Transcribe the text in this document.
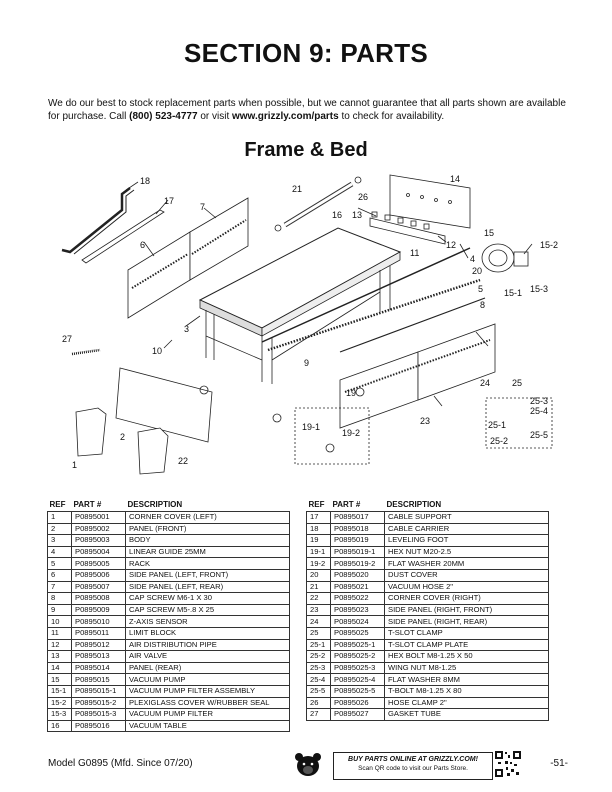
SECTION 9: PARTS
We do our best to stock replacement parts when possible, but we cannot guarantee that all parts shown are available for purchase. Call (800) 523-4777 or visit www.grizzly.com/parts to check for availability.
Frame & Bed
18
17
7
6
27
3
10
1
2
22
21
26
16 13
14
12
11
4
20
15
15-2
15-1 15-3
5
8
24
9
19
19-1
19-2
23
25
25-3
25-4
25-1
25-2
25-5
REF	PART #	DESCRIPTION
1	P0895001	CORNER COVER (LEFT)
2	P0895002	PANEL (FRONT)
3	P0895003	BODY
4	P0895004	LINEAR GUIDE 25MM
5	P0895005	RACK
6	P0895006	SIDE PANEL (LEFT, FRONT)
7	P0895007	SIDE PANEL (LEFT, REAR)
8	P0895008	CAP SCREW M6-1 X 30
9	P0895009	CAP SCREW M5-.8 X 25
10	P0895010	Z-AXIS SENSOR
11	P0895011	LIMIT BLOCK
12	P0895012	AIR DISTRIBUTION PIPE
13	P0895013	AIR VALVE
14	P0895014	PANEL (REAR)
15	P0895015	VACUUM PUMP
15-1	P0895015-1	VACUUM PUMP FILTER ASSEMBLY
15-2	P0895015-2	PLEXIGLASS COVER W/RUBBER SEAL
15-3	P0895015-3	VACUUM PUMP FILTER
16	P0895016	VACUUM TABLE
REF	PART #	DESCRIPTION
17	P0895017	CABLE SUPPORT
18	P0895018	CABLE CARRIER
19	P0895019	LEVELING FOOT
19-1	P0895019-1	HEX NUT M20-2.5
19-2	P0895019-2	FLAT WASHER 20MM
20	P0895020	DUST COVER
21	P0895021	VACUUM HOSE 2"
22	P0895022	CORNER COVER (RIGHT)
23	P0895023	SIDE PANEL (RIGHT, FRONT)
24	P0895024	SIDE PANEL (RIGHT, REAR)
25	P0895025	T-SLOT CLAMP
25-1	P0895025-1	T-SLOT CLAMP PLATE
25-2	P0895025-2	HEX BOLT M8-1.25 X 50
25-3	P0895025-3	WING NUT M8-1.25
25-4	P0895025-4	FLAT WASHER 8MM
25-5	P0895025-5	T-BOLT M8-1.25 X 80
26	P0895026	HOSE CLAMP 2"
27	P0895027	GASKET TUBE
Model G0895 (Mfd. Since 07/20)	BUY PARTS ONLINE AT GRIZZLY.COM!
Scan QR code to visit our Parts Store.	-51-
